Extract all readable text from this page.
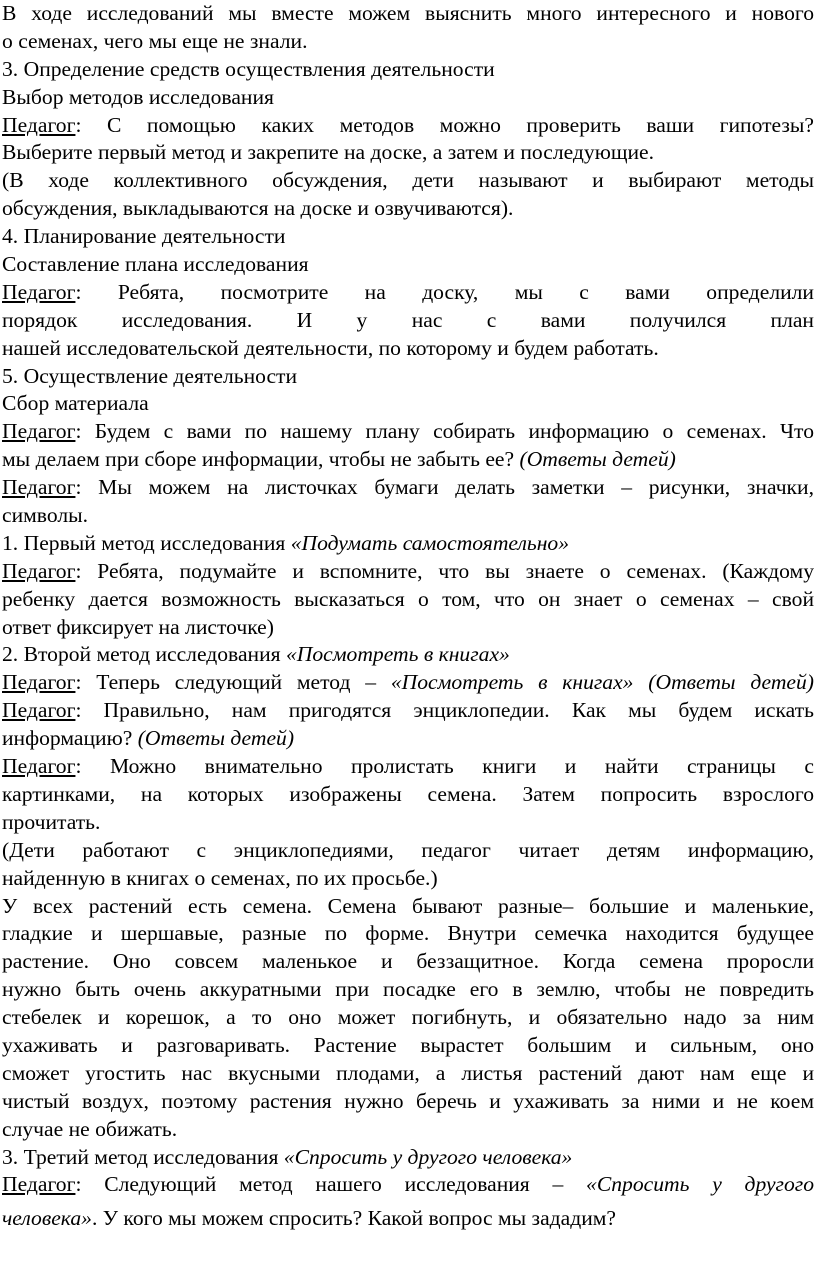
В ходе исследований мы вместе можем выяснить много интересного и нового
о семенах, чего мы еще не знали.
3. Определение средств осуществления деятельности
Выбор методов исследования
Педагог: С помощью каких методов можно проверить ваши гипотезы?
Выберите первый метод и закрепите на доске, а затем и последующие.
(В ходе коллективного обсуждения, дети называют и выбирают методы
обсуждения, выкладываются на доске и озвучиваются).
4. Планирование деятельности
Составление плана исследования
Педагог: Ребята, посмотрите на доску, мы с вами определили
порядок исследования. И у нас с вами получился план
нашей исследовательской деятельности, по которому и будем работать.
5. Осуществление деятельности
Сбор материала
Педагог: Будем с вами по нашему плану собирать информацию о семенах. Что
мы делаем при сборе информации, чтобы не забыть ее? (Ответы детей)
Педагог: Мы можем на листочках бумаги делать заметки – рисунки, значки,
символы.
1. Первый метод исследования «Подумать самостоятельно»
Педагог: Ребята, подумайте и вспомните, что вы знаете о семенах. (Каждому
ребенку дается возможность высказаться о том, что он знает о семенах – свой
ответ фиксирует на листочке)
2. Второй метод исследования «Посмотреть в книгах»
Педагог: Теперь следующий метод – «Посмотреть в книгах» (Ответы детей)
Педагог: Правильно, нам пригодятся энциклопедии. Как мы будем искать
информацию? (Ответы детей)
Педагог: Можно внимательно пролистать книги и найти страницы с
картинками, на которых изображены семена. Затем попросить взрослого
прочитать.
(Дети работают с энциклопедиями, педагог читает детям информацию,
найденную в книгах о семенах, по их просьбе.)
У всех растений есть семена. Семена бывают разные– большие и маленькие,
гладкие и шершавые, разные по форме. Внутри семечка находится будущее
растение. Оно совсем маленькое и беззащитное. Когда семена проросли
нужно быть очень аккуратными при посадке его в землю, чтобы не повредить
стебелек и корешок, а то оно может погибнуть, и обязательно надо за ним
ухаживать и разговаривать. Растение вырастет большим и сильным, оно
сможет угостить нас вкусными плодами, а листья растений дают нам еще и
чистый воздух, поэтому растения нужно беречь и ухаживать за ними и не коем
случае не обижать.
3. Третий метод исследования «Спросить у другого человека»
Педагог: Следующий метод нашего исследования – «Спросить у другого
человека». У кого мы можем спросить? Какой вопрос мы зададим?
